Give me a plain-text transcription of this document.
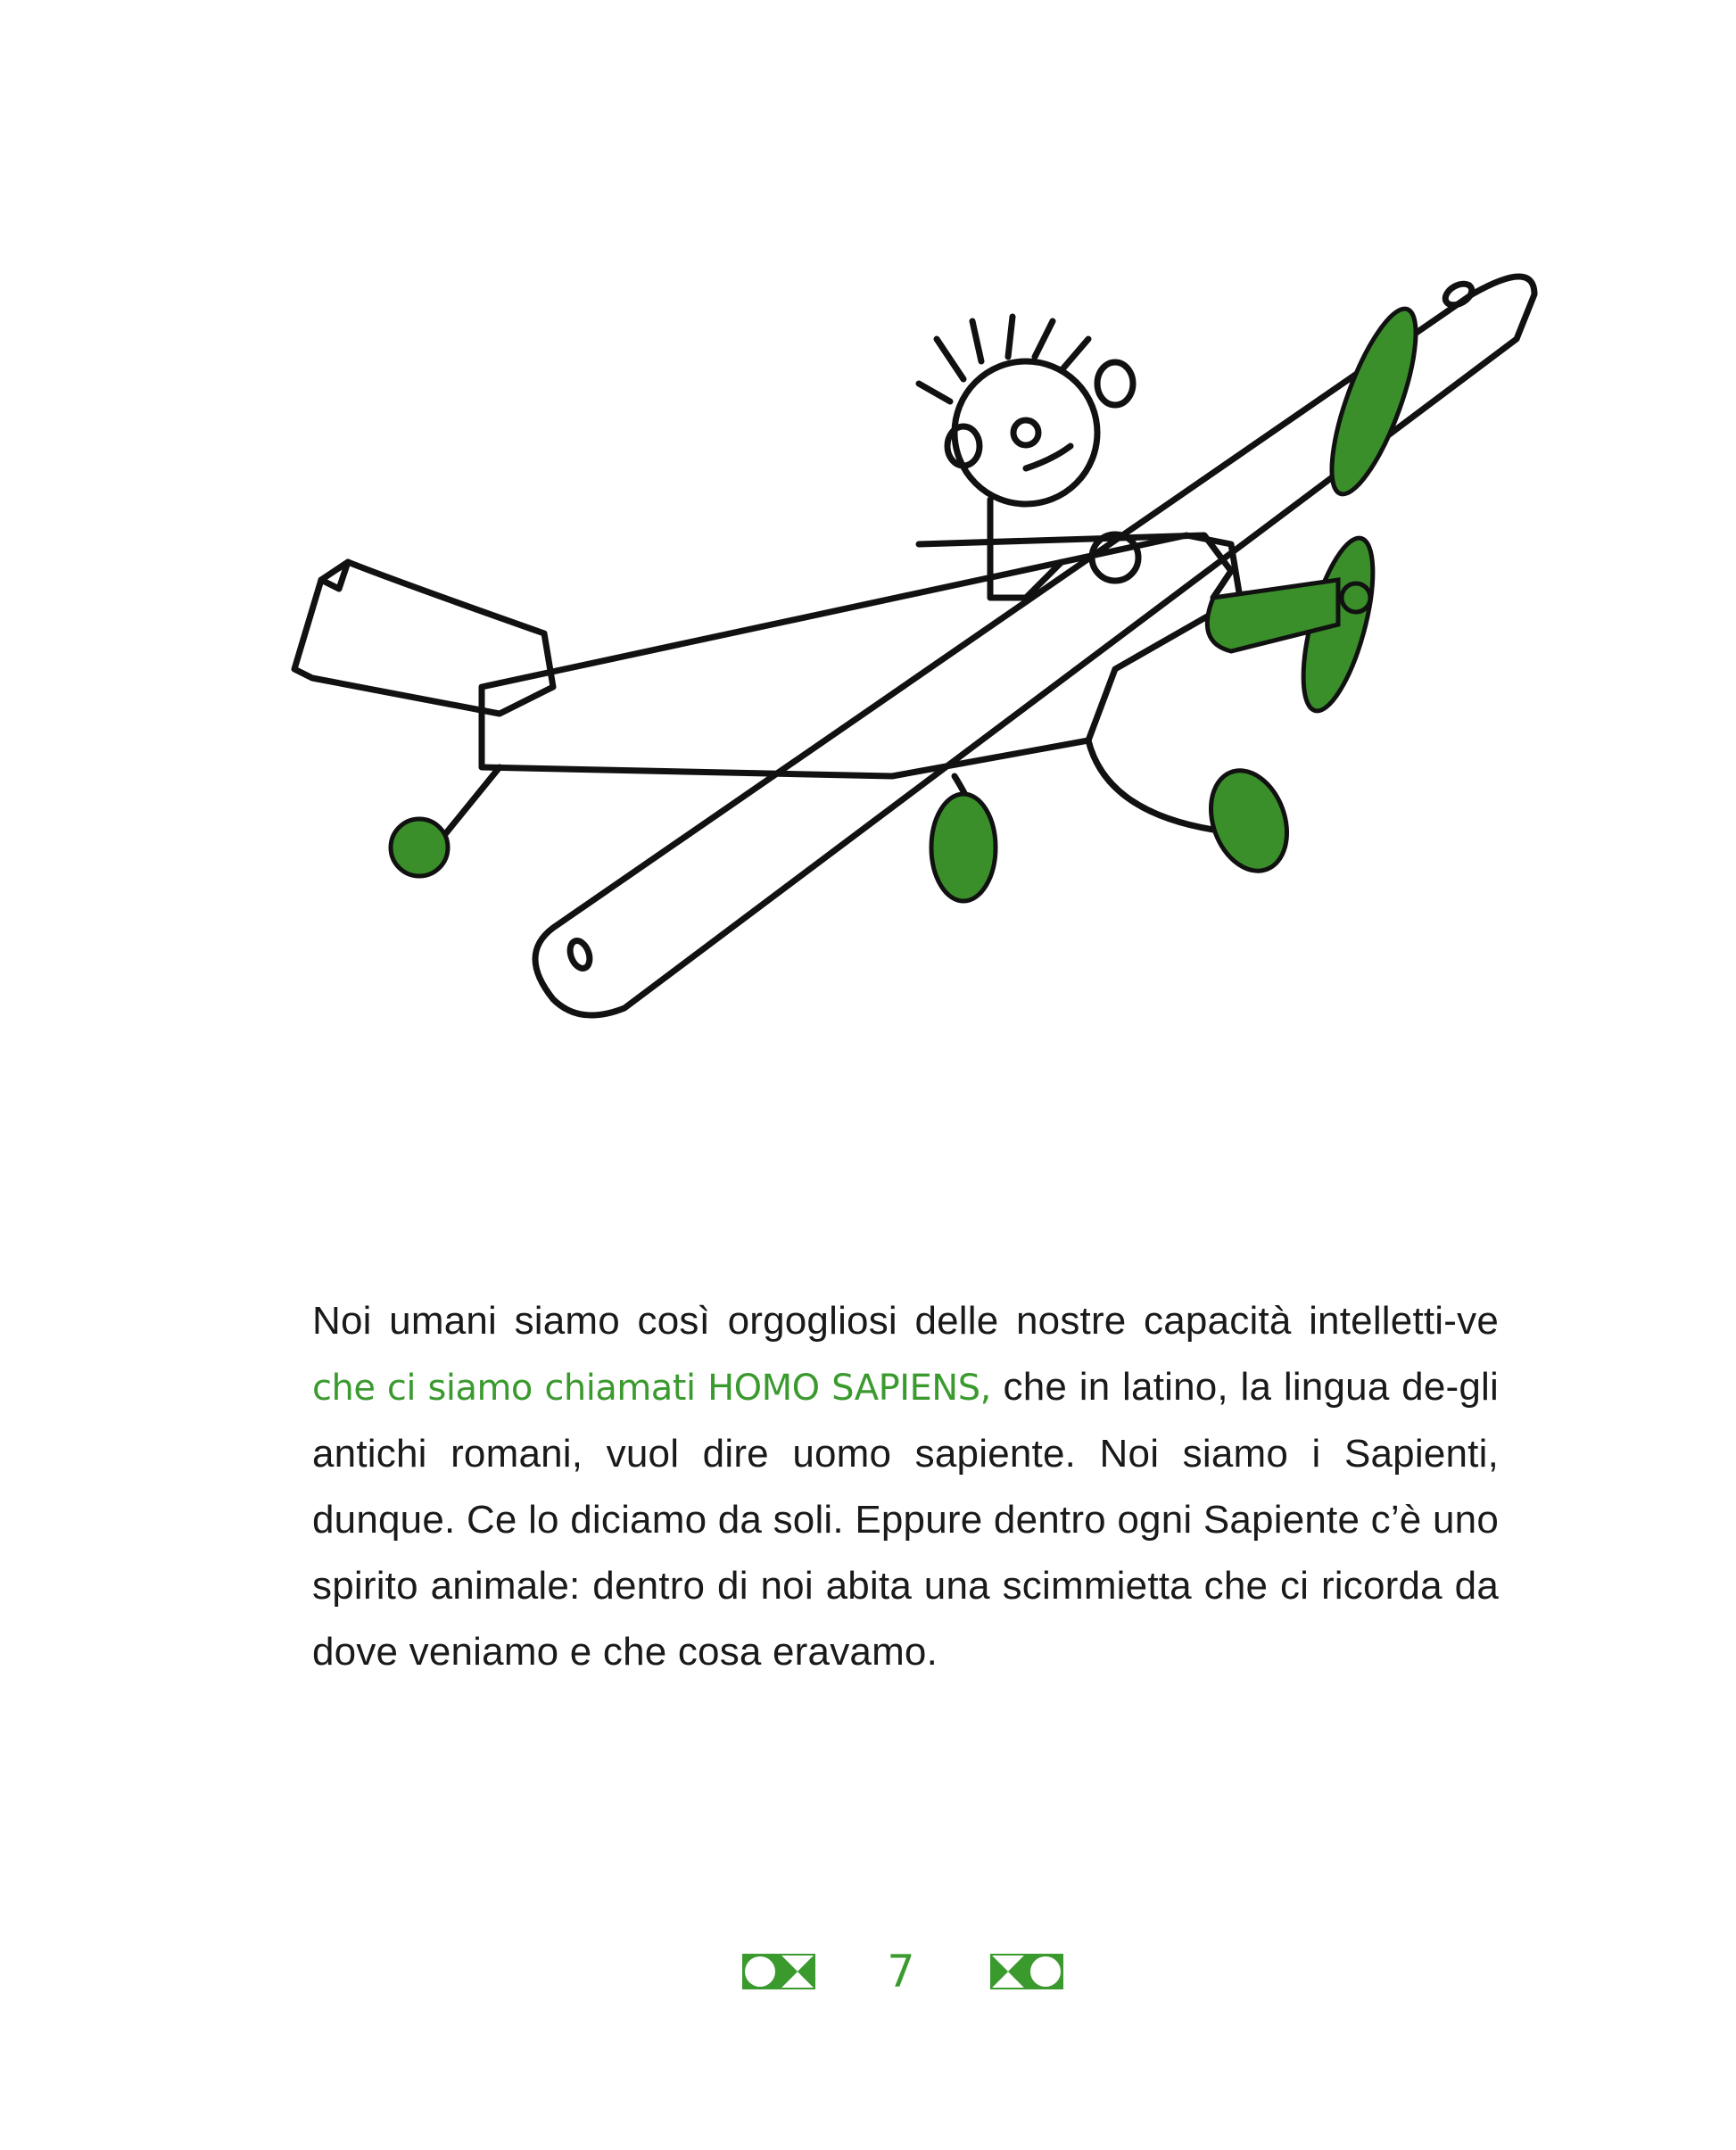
Noi umani siamo così orgogliosi delle nostre capacità intelletti-ve che ci siamo chiamati HOMO SAPIENS, che in latino, la lingua de-gli antichi romani, vuol dire uomo sapiente. Noi siamo i Sapienti, dunque. Ce lo diciamo da soli. Eppure dentro ogni Sapiente c’è uno spirito animale: dentro di noi abita una scimmietta che ci ricorda da dove veniamo e che cosa eravamo.

7
